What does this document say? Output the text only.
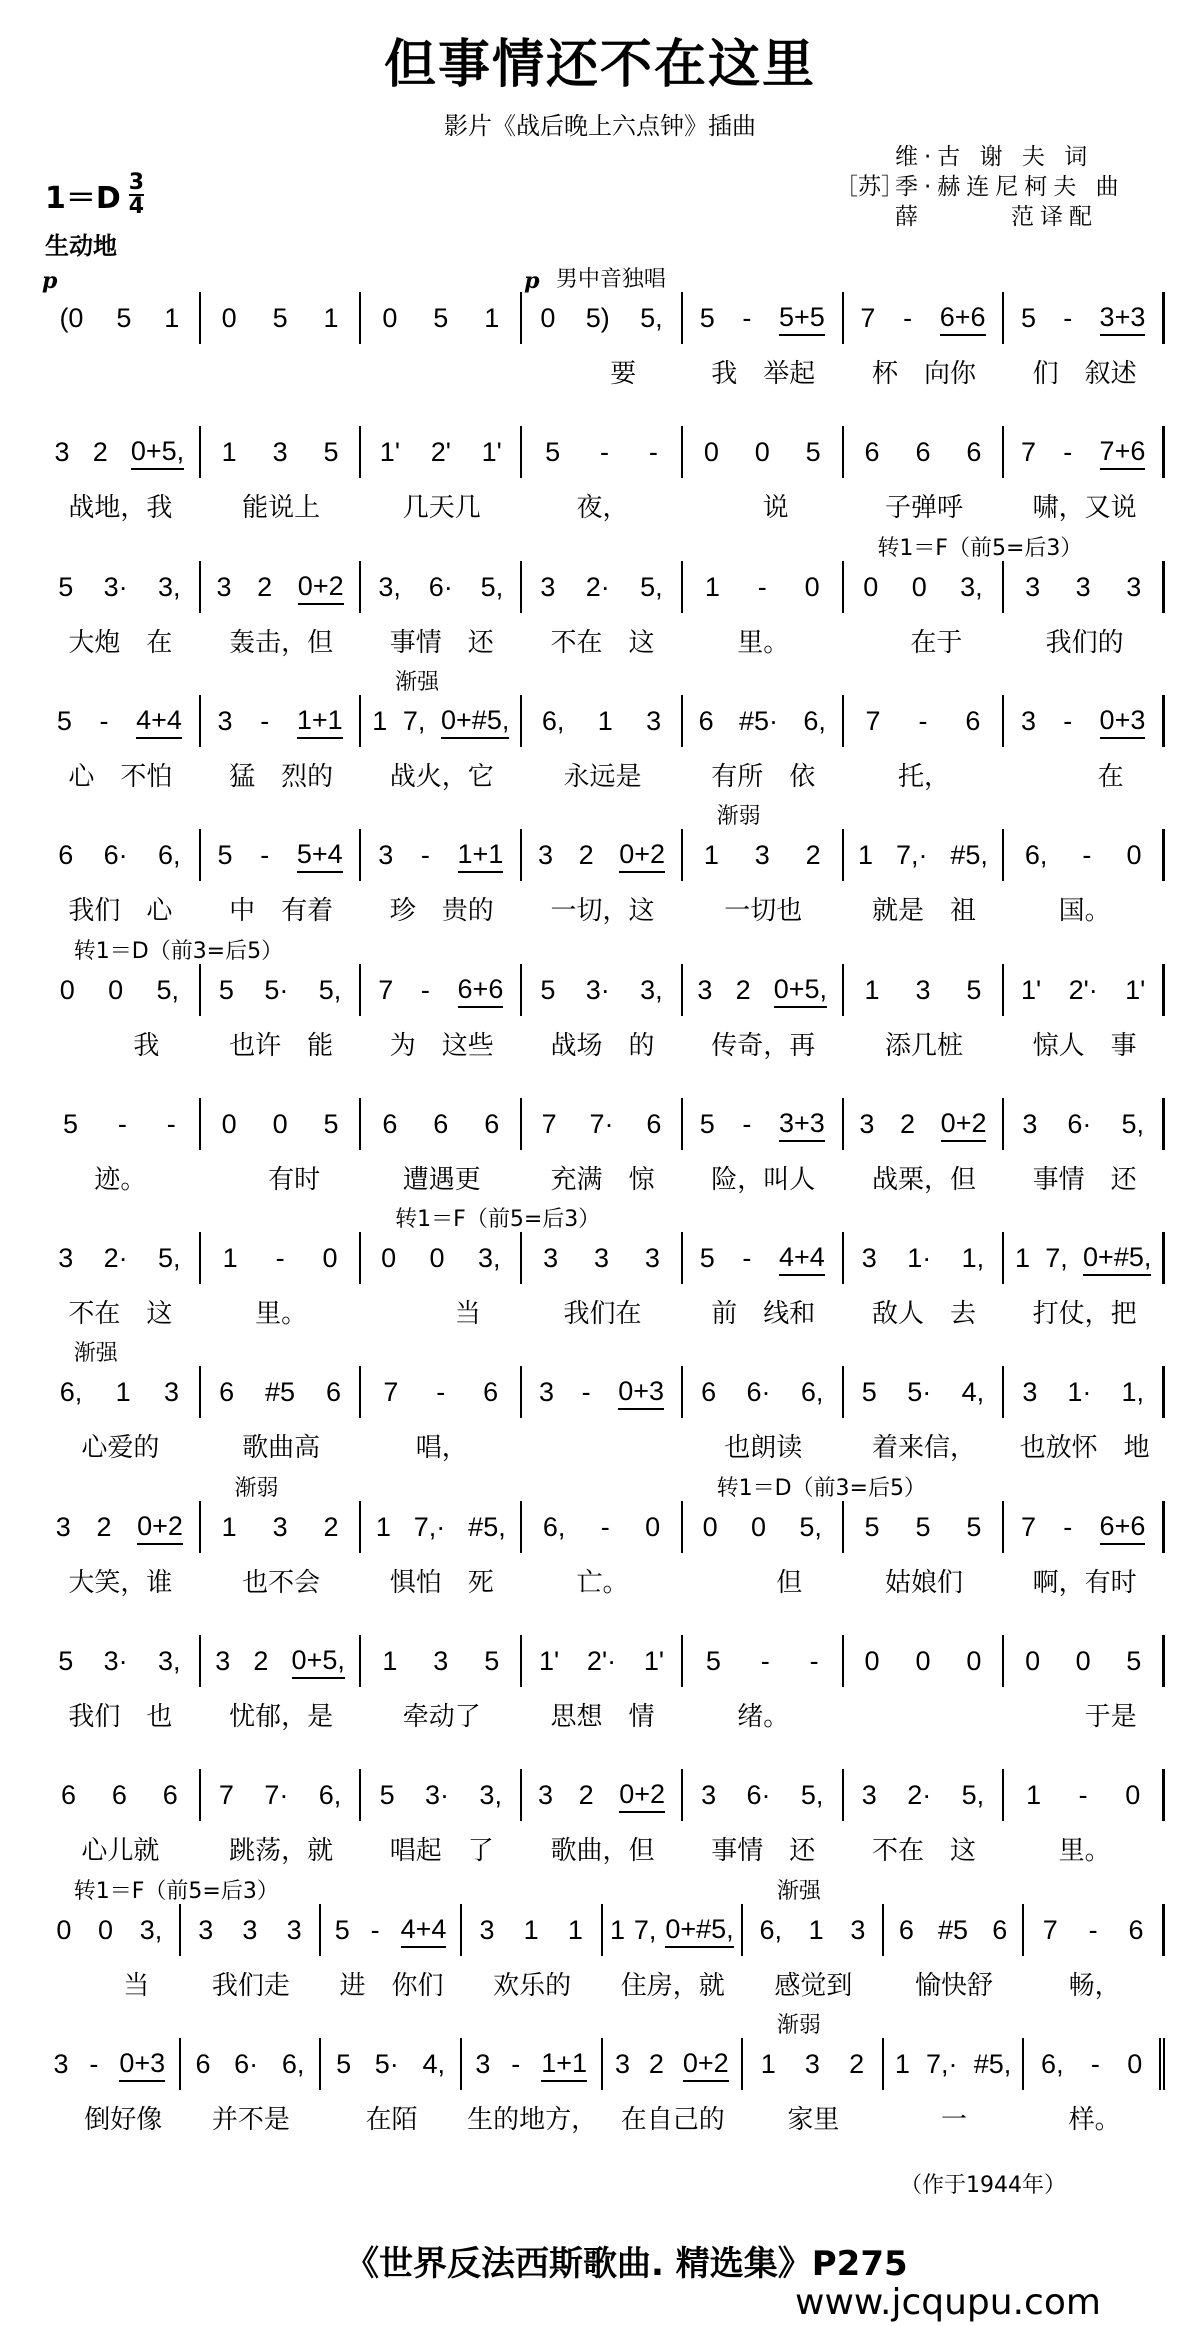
但事情还不在这里
影片《战后晚上六点钟》插曲
$1=D \frac{3}{4}$
生动地
维·古 谢 夫 词
［苏］
季·赫连尼柯夫 曲
薛　　　范译配
男中音独唱
(0 5 1
p
0 5 1 0 5 1 0 5) 5,
p
要
5 - 5+5
我　举起
7 - 6+6
杯　向你
5 - 3+3
们　叙述
3 2 0+5,
战地，我
1 3 5
能说上
1' 2' 1'
几天几
5 - -
夜，
0 0 5
说
6 6 6
子弹呼
7 - 7+6
啸，又说
转1＝F（前5=后3）
5 3· 3,
大炮　在
3 2 0+2
轰击，但
3, 6· 5,
事情　还
3 2· 5,
不在　这
1 - 0
里。
0 0 3,
在于
3 3 3
我们的
渐强
5 - 4+4
心　不怕
3 - 1+1
猛　烈的
1 7, 0+#5,
战火，它
6, 1 3
永远是
6 #5· 6,
有所　依
7 - 6
托，
3 - 0+3
　　在
渐弱
6 6· 6,
我们　心
5 - 5+4
中　有着
3 - 1+1
珍　贵的
3 2 0+2
一切，这
1 3 2
一切也
1 7,· #5,
就是　祖
6, - 0
国。
转1＝D（前3=后5）
0 0 5,
　　我
5 5· 5,
也许　能
7 - 6+6
为　这些
5 3· 3,
战场　的
3 2 0+5,
传奇，再
1 3 5
添几桩
1' 2'· 1'
惊人　事
5 - -
迹。
0 0 5
　有时
6 6 6
遭遇更
7 7· 6
充满　惊
5 - 3+3
险，叫人
3 2 0+2
战栗，但
3 6· 5,
事情　还
转1＝F（前5=后3）
3 2· 5,
不在　这
1 - 0
里。
0 0 3,
　　当
3 3 3
我们在
5 - 4+4
前　线和
3 1· 1,
敌人　去
1 7, 0+#5,
打仗，把
渐强
6, 1 3
心爱的
6 #5 6
歌曲高
7 - 6
唱，
3 - 0+3 6 6· 6,
也朗读
5 5· 4,
着来信，
3 1· 1,
也放怀　地
渐弱	转1＝D（前3=后5）
3 2 0+2
大笑，谁
1 3 2
也不会
1 7,· #5,
惧怕　死
6, - 0
亡。
0 0 5,
　　但
5 5 5
姑娘们
7 - 6+6
啊，有时
5 3· 3,
我们　也
3 2 0+5,
忧郁，是
1 3 5
牵动了
1' 2'· 1'
思想　情
5 - -
绪。
0 0 0 0 0 5
　　于是
6 6 6
心儿就
7 7· 6,
跳荡，就
5 3· 3,
唱起　了
3 2 0+2
歌曲，但
3 6· 5,
事情　还
3 2· 5,
不在　这
1 - 0
里。
转1＝F（前5=后3）	渐强
0 0 3,
　　当
3 3 3
我们走
5 - 4+4
进　你们
3 1 1
欢乐的
1 7, 0+#5,
住房，就
6, 1 3
感觉到
6 #5 6
愉快舒
7 - 6
畅，
渐弱
3 - 0+3
　倒好像
6 6· 6,
并不是
5 5· 4,
在陌
3 - 1+1
生的地方，
3 2 0+2
在自己的
1 3 2
家里
1 7,· #5,
一
6, - 0
样。
（作于1944年）
《世界反法西斯歌曲. 精选集》P275
www.jcqupu.com
